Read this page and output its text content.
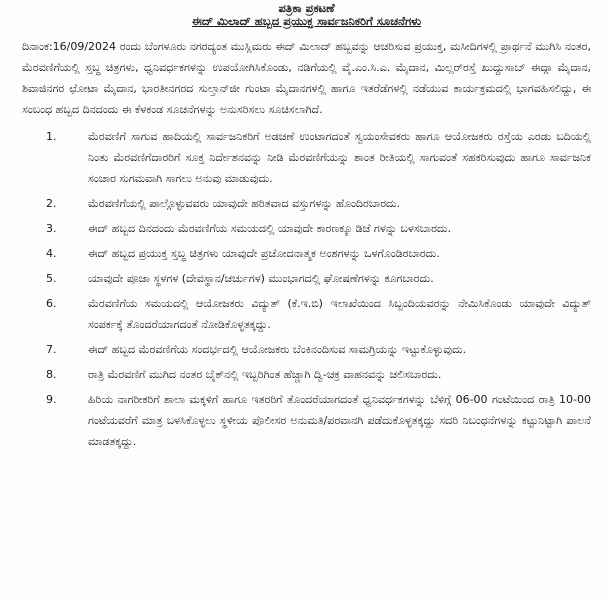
ಪತ್ರಿಕಾ ಪ್ರಕಟಣೆ
ಈದ್ ಮಿಲಾದ್ ಹಬ್ಬದ ಪ್ರಯುಕ್ತ ಸಾರ್ವಜನಿಕರಿಗೆ ಸೂಚನೆಗಳು
ದಿನಾಂಕ:16/09/2024 ರಂದು ಬೆಂಗಳೂರು ನಗರದ್ಯಂತ ಮುಸ್ಲಿಮರು ಈದ್ ಮಿಲಾದ್ ಹಬ್ಬವನ್ನು ಆಚರಿಸುವ ಪ್ರಯುಕ್ತ, ಮಸೀದಿಗಳಲ್ಲಿ ಪ್ರಾರ್ಥನೆ ಮುಗಿಸಿ ನಂತರ, ಮೆರವಣಿಗೆಯಲ್ಲಿ ಸ್ತಬ್ಧ ಚಿತ್ರಗಳು, ಧ್ವನಿವರ್ಧಕಗಳನ್ನು ಉಪಯೋಗಿಸಿಕೊಂಡು, ನಡಿಗೆಯಲ್ಲಿ ವೈ.ಎಂ.ಸಿ.ಎ. ಮೈದಾನ, ಮಿಲ್ಲರ್‌ರಸ್ತೆ ಖುದ್ದುಸಾಬ್ ಈದ್ಗಾ ಮೈದಾನ, ಶಿವಾಜಿನಗರ ಛೋಟಾ ಮೈದಾನ, ಭಾರತೀನಗರದ ಸುಲ್ತಾನ್‌ಜೀ ಗುಂಟಾ ಮೈದಾನಗಳಲ್ಲಿ ಹಾಗೂ ಇತರೆಡೆಗಳಲ್ಲಿ ನಡೆಯುವ ಕಾರ್ಯಕ್ರಮದಲ್ಲಿ ಭಾಗವಹಿಸಲಿದ್ದು, ಈ ಸಂಬಂಧ ಹಬ್ಬದ ದಿನದಂದು ಈ ಕೆಳಕಂಡ ಸೂಚನೆಗಳನ್ನು ಅನುಸರಿಸಲು ಸೂಚಿಸಲಾಗಿದೆ.
1.	ಮೆರವಣಿಗೆ ಸಾಗುವ ಹಾದಿಯಲ್ಲಿ ಸಾರ್ವಜನಿಕರಿಗೆ ಅಡಚಣೆ ಉಂಟಾಗದಂತೆ ಸ್ವಯಂಸೇವಕರು ಹಾಗೂ ಆಯೋಜಕರು ರಸ್ತೆಯ ಎರಡು ಬದಿಯಲ್ಲಿ ನಿಂತು ಮೆರವಣಿಗೆದಾರರಿಗೆ ಸೂಕ್ತ ನಿರ್ದೇಶನವನ್ನು ನೀಡಿ ಮೆರವಣಿಗೆಯನ್ನು ಶಾಂತ ರೀತಿಯಲ್ಲಿ ಸಾಗುವಂತೆ ಸಹಕರಿಸುವುದು ಹಾಗೂ ಸಾರ್ವಜನಿಕ ಸಂಚಾರ ಸುಗಮವಾಗಿ ಸಾಗಲು ಅನುವು ಮಾಡುವುದು.
2.	ಮೆರವಣಿಗೆಯಲ್ಲಿ ಪಾಲ್ಗೊಳ್ಳುವವರು ಯಾವುದೇ ಹರಿತವಾದ ವಸ್ತುಗಳನ್ನು ಹೊಂದಿರಬಾರದು.
3.	ಈದ್ ಹಬ್ಬದ ದಿನದಂದು ಮೆರವಣಿಗೆಯ ಸಮಯದಲ್ಲಿ ಯಾವುದೇ ಕಾರಣಕ್ಕೂ ಡಿಜೆ ಗಳನ್ನು ಬಳಸಬಾರದು.
4.	ಈದ್ ಹಬ್ಬದ ಪ್ರಯುಕ್ತ ಸ್ತಬ್ಧ ಚಿತ್ರಗಳು ಯಾವುದೇ ಪ್ರಚೋದನಾತ್ಮಕ ಅಂಶಗಳನ್ನು ಒಳಗೊಂಡಿರಬಾರದು.
5.	ಯಾವುದೇ ಪೂಜಾ ಸ್ಥಳಗಳ (ದೇವಸ್ಥಾನ/ಚರ್ಚುಗಳ) ಮುಂಭಾಗದಲ್ಲಿ ಘೋಷಣೆಗಳನ್ನು ಕೂಗಬಾರದು.
6.	ಮೆರವಣಿಗೆಯ ಸಮಯದಲ್ಲಿ ಆಯೋಜಕರು ವಿದ್ಯುತ್ (ಕೆ.ಇ.ಬಿ) ಇಲಾಖೆಯಿಂದ ಸಿಬ್ಬಂದಿಯವರನ್ನು ನೇಮಿಸಿಕೊಂಡು ಯಾವುದೇ ವಿದ್ಯುತ್ ಸಂಪರ್ಕಕ್ಕೆ ತೊಂದರೆಯಾಗದಂತೆ ನೋಡಿಕೊಳ್ಳತಕ್ಕದ್ದು.
7.	ಈದ್ ಹಬ್ಬದ ಮೆರವಣಿಗೆಯ ಸಂದರ್ಭದಲ್ಲಿ ಆಯೋಜಕರು ಬೆಂಕಿನಂದಿಸುವ ಸಾಮಗ್ರಿಯನ್ನು ಇಟ್ಟುಕೊಳ್ಳುವುದು.
8.	ರಾತ್ರಿ ಮೆರವಣಿಗೆ ಮುಗಿದ ನಂತರ ಬೈಕ್‌ನಲ್ಲಿ ಇಬ್ಬರಿಗಿಂತ ಹೆಚ್ಚಾಗಿ ದ್ವಿ-ಚಕ್ರ ವಾಹನವನ್ನು ಚಲಿಸಬಾರದು.
9.	ಹಿರಿಯ ನಾಗರೀಕರಿಗೆ ಶಾಲಾ ಮಕ್ಕಳಿಗೆ ಹಾಗೂ ಇತರರಿಗೆ ತೊಂದರೆಯಾಗದಂತೆ ಧ್ವನಿವರ್ಧಕಗಳನ್ನು ಬೆಳಿಗ್ಗೆ 06-00 ಗಂಟೆಯಿಂದ ರಾತ್ರಿ 10-00 ಗಂಟೆಯವರೆಗೆ ಮಾತ್ರ ಬಳಸಿಕೊಳ್ಳಲು ಸ್ಥಳೀಯ ಪೊಲೀಸರ ಅನುಮತಿ/ಪರವಾನಗಿ ಪಡೆದುಕೊಳ್ಳತಕ್ಕದ್ದು ಸದರಿ ನಿಬಂಧನೆಗಳನ್ನು ಕಟ್ಟುನಿಟ್ಟಾಗಿ ಪಾಲನೆ ಮಾಡತಕ್ಕದ್ದು.
